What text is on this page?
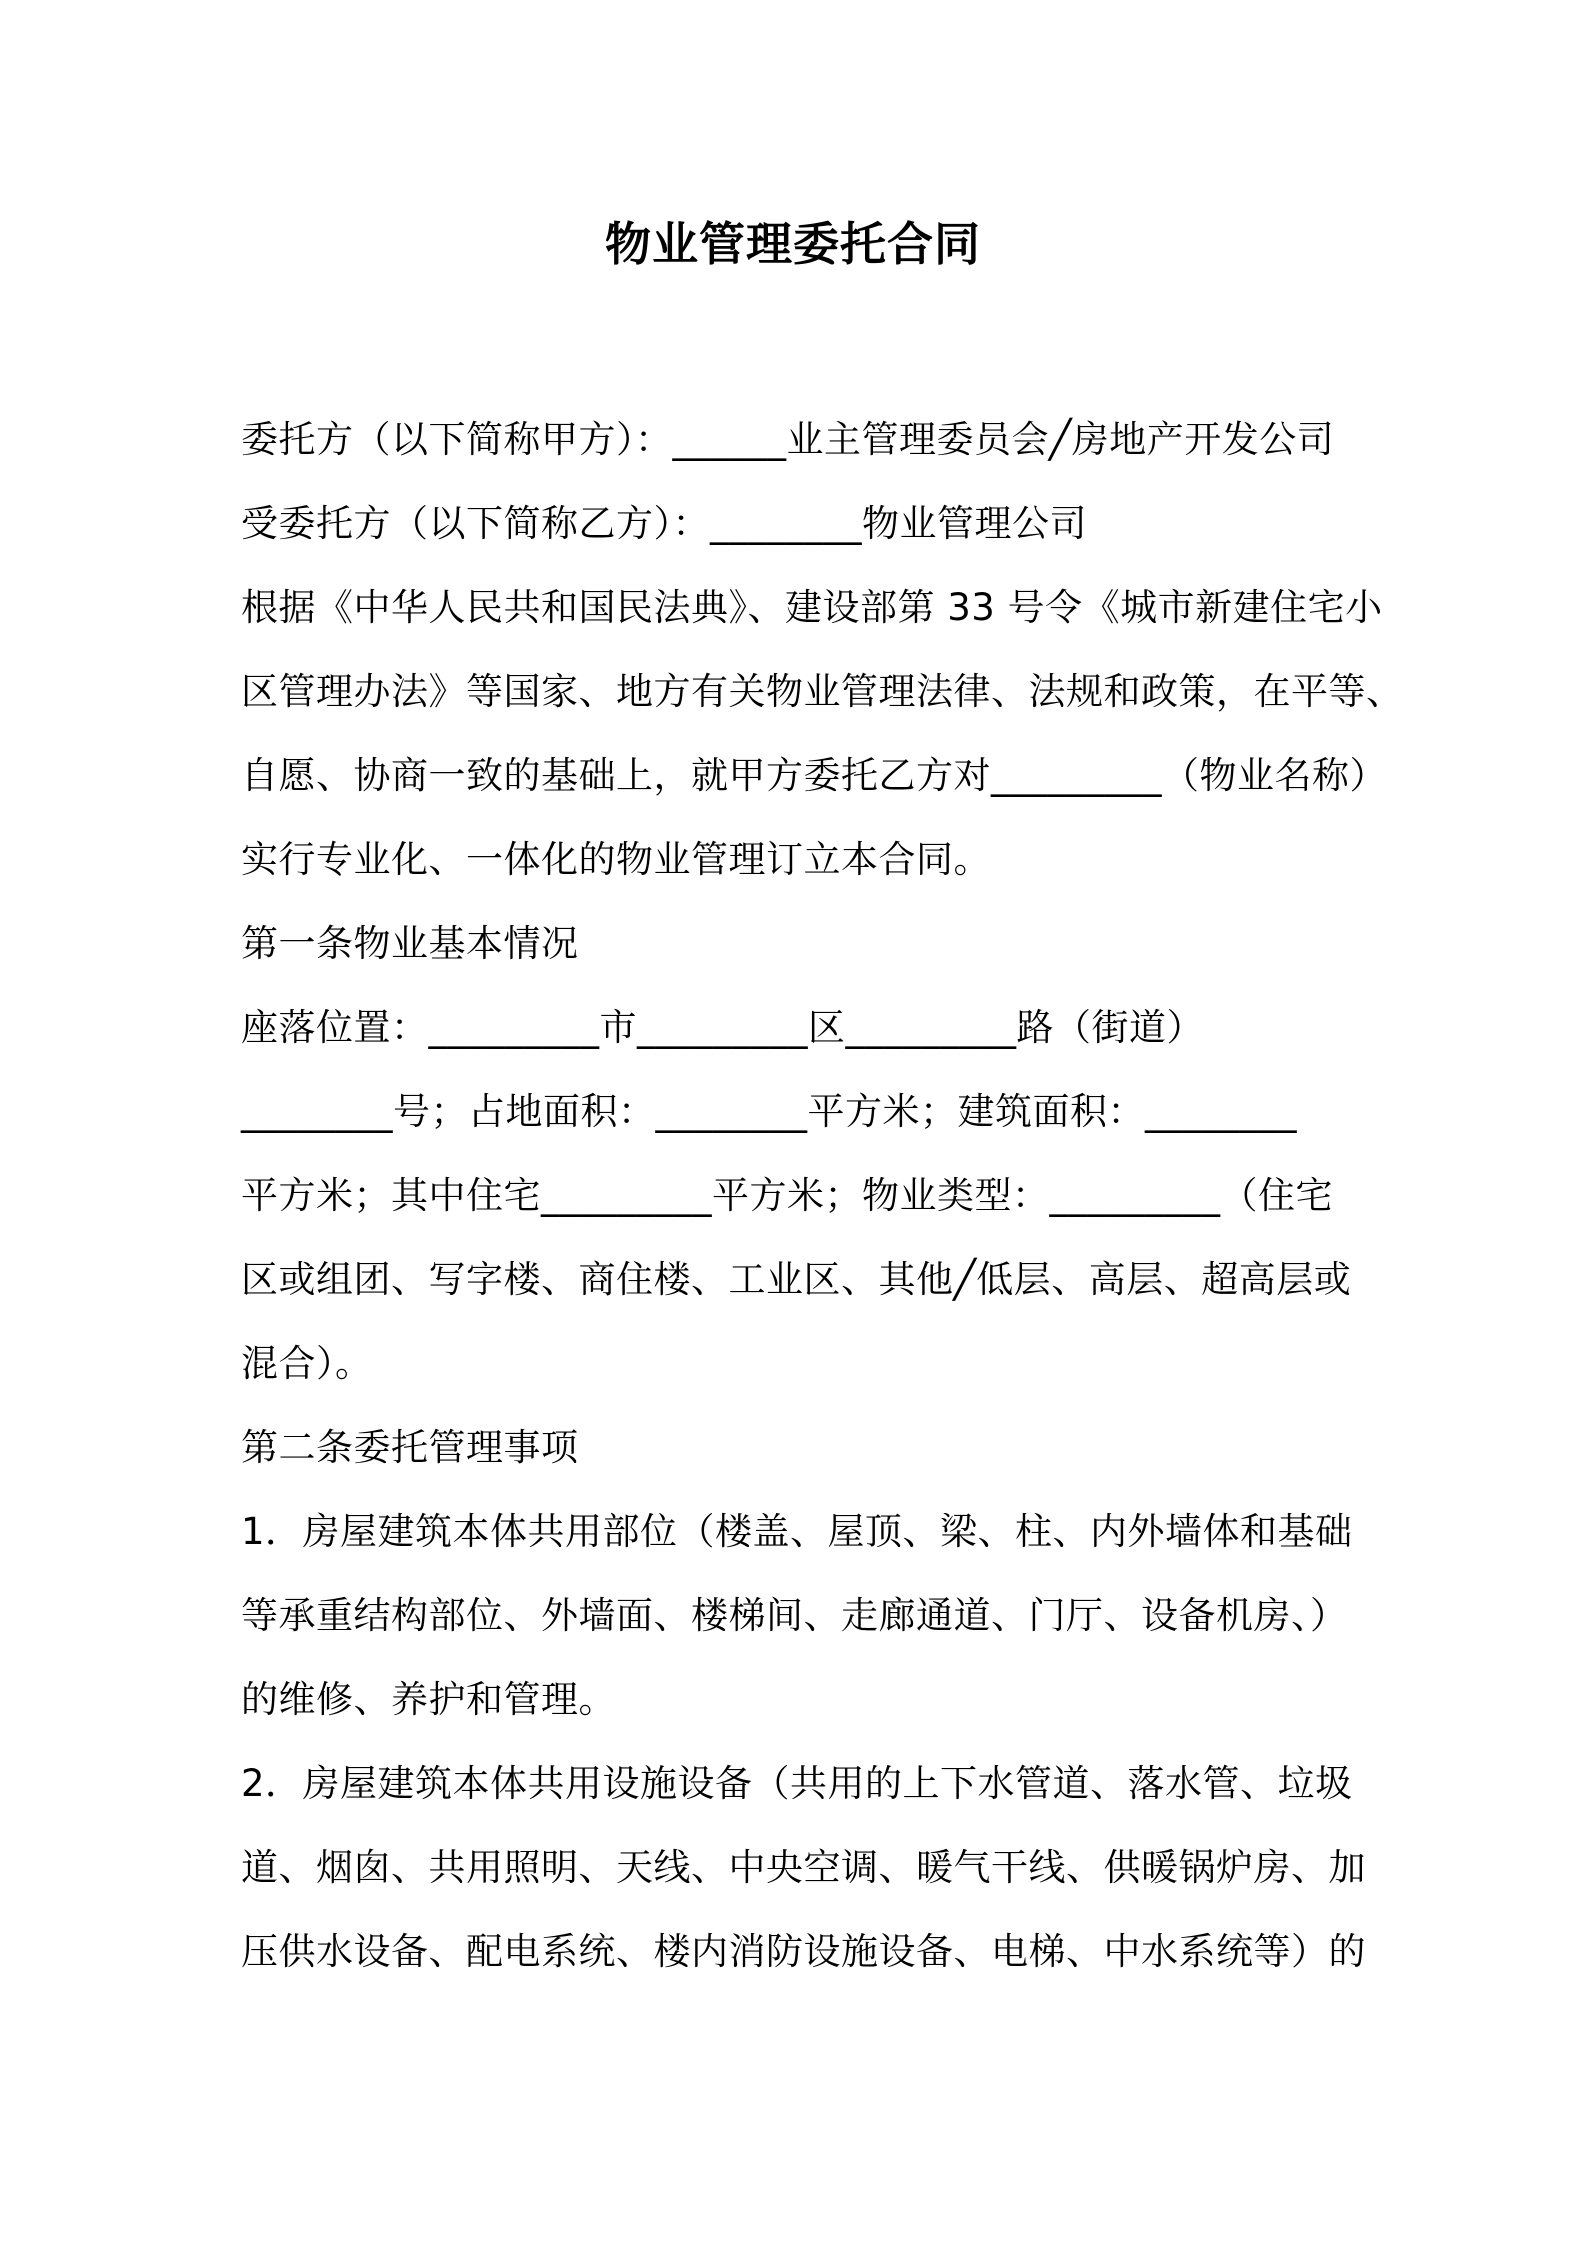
物业管理委托合同
委托方（以下简称甲方）：______业主管理委员会╱房地产开发公司
受委托方（以下简称乙方）：________物业管理公司
根据《中华人民共和国民法典》、建设部第 33 号令《城市新建住宅小
区管理办法》等国家、地方有关物业管理法律、法规和政策，在平等、
自愿、协商一致的基础上，就甲方委托乙方对_________（物业名称）
实行专业化、一体化的物业管理订立本合同。
第一条物业基本情况
座落位置：_________市_________区_________路（街道）
________号；占地面积：________平方米；建筑面积：________
平方米；其中住宅_________平方米；物业类型：_________（住宅
区或组团、写字楼、商住楼、工业区、其他╱低层、高层、超高层或
混合）。
第二条委托管理事项
1．房屋建筑本体共用部位（楼盖、屋顶、梁、柱、内外墙体和基础
等承重结构部位、外墙面、楼梯间、走廊通道、门厅、设备机房、）
的维修、养护和管理。
2．房屋建筑本体共用设施设备（共用的上下水管道、落水管、垃圾
道、烟囱、共用照明、天线、中央空调、暖气干线、供暖锅炉房、加
压供水设备、配电系统、楼内消防设施设备、电梯、中水系统等）的
